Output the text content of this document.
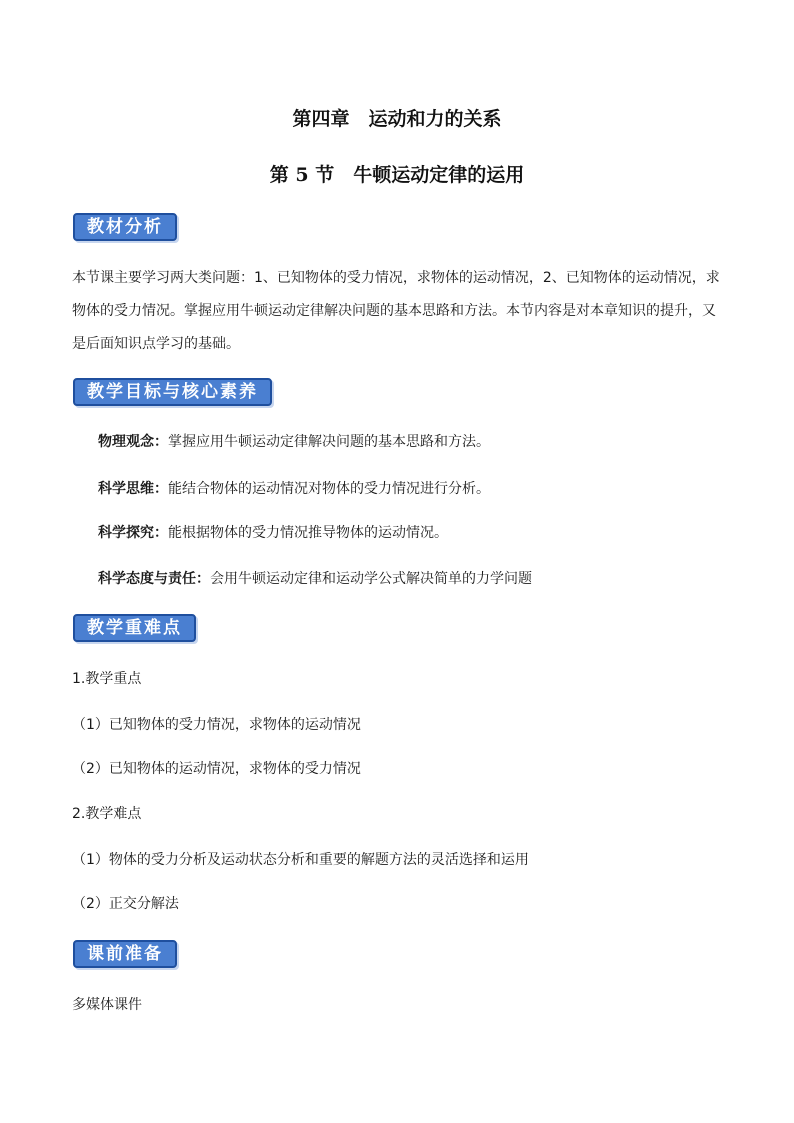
第四章　运动和力的关系
第 5 节　牛顿运动定律的运用
教材分析

本节课主要学习两大类问题：1、已知物体的受力情况，求物体的运动情况，2、已知物体的运动情况，求物体的受力情况。掌握应用牛顿运动定律解决问题的基本思路和方法。本节内容是对本章知识的提升，又是后面知识点学习的基础。

教学目标与核心素养
物理观念：掌握应用牛顿运动定律解决问题的基本思路和方法。
科学思维：能结合物体的运动情况对物体的受力情况进行分析。
科学探究：能根据物体的受力情况推导物体的运动情况。
科学态度与责任：会用牛顿运动定律和运动学公式解决简单的力学问题
教学重难点
1.教学重点
（1）已知物体的受力情况，求物体的运动情况
（2）已知物体的运动情况，求物体的受力情况
2.教学难点
（1）物体的受力分析及运动状态分析和重要的解题方法的灵活选择和运用
（2）正交分解法
课前准备
多媒体课件
